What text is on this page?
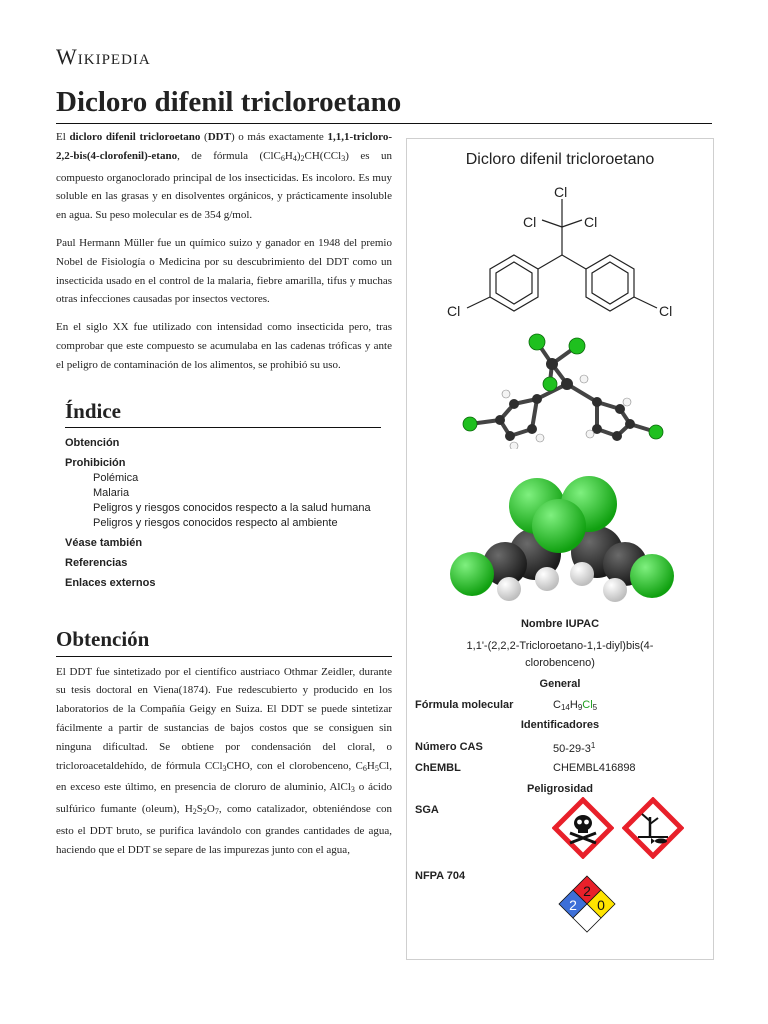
Wikipedia
Dicloro difenil tricloroetano

El dicloro difenil tricloroetano (DDT) o más exactamente 1,1,1-tricloro-2,2-bis(4-clorofenil)-etano, de fórmula $(ClC_6H_4)_2CH(CCl_3)$ es un compuesto organoclorado principal de los insecticidas. Es incoloro. Es muy soluble en las grasas y en disolventes orgánicos, y prácticamente insoluble en agua. Su peso molecular es de 354 g/mol.

Paul Hermann Müller fue un químico suizo y ganador en 1948 del premio Nobel de Fisiología o Medicina por su descubrimiento del DDT como un insecticida usado en el control de la malaria, fiebre amarilla, tifus y muchas otras infecciones causadas por insectos vectores.

En el siglo XX fue utilizado con intensidad como insecticida pero, tras comprobar que este compuesto se acumulaba en las cadenas tróficas y ante el peligro de contaminación de los alimentos, se prohibió su uso.

Índice
Obtención
Prohibición
Polémica
Malaria
Peligros y riesgos conocidos respecto a la salud humana
Peligros y riesgos conocidos respecto al ambiente
Véase también
Referencias
Enlaces externos
Obtención

El DDT fue sintetizado por el científico austriaco Othmar Zeidler, durante su tesis doctoral en Viena(1874). Fue redescubierto y producido en los laboratorios de la Compañía Geigy en Suiza. El DDT se puede sintetizar fácilmente a partir de sustancias de bajos costos que se consiguen sin ninguna dificultad. Se obtiene por condensación del cloral, o tricloroacetaldehído, de fórmula CCl$_3$CHO, con el clorobenceno, $C_6H_5Cl$, en exceso este último, en presencia de cloruro de aluminio, AlCl$_3$ o ácido sulfúrico fumante (oleum), $H_2S_2O_7$, como catalizador, obteniéndose con esto el DDT bruto, se purifica lavándolo con grandes cantidades de agua, haciendo que el DDT se separe de las impurezas junto con el agua,

Dicloro difenil tricloroetano
Cl
Cl	Cl
Cl	Cl
Nombre IUPAC
1,1'-(2,2,2-Tricloroetano-1,1-diyl)bis(4-clorobenceno)
General
Fórmula molecular	$C_{14}H_9Cl_5$
Identificadores
Número CAS	$50-29-3^1$
ChEMBL	CHEMBL416898
Peligrosidad
SGA
NFPA 704
2
2 0
